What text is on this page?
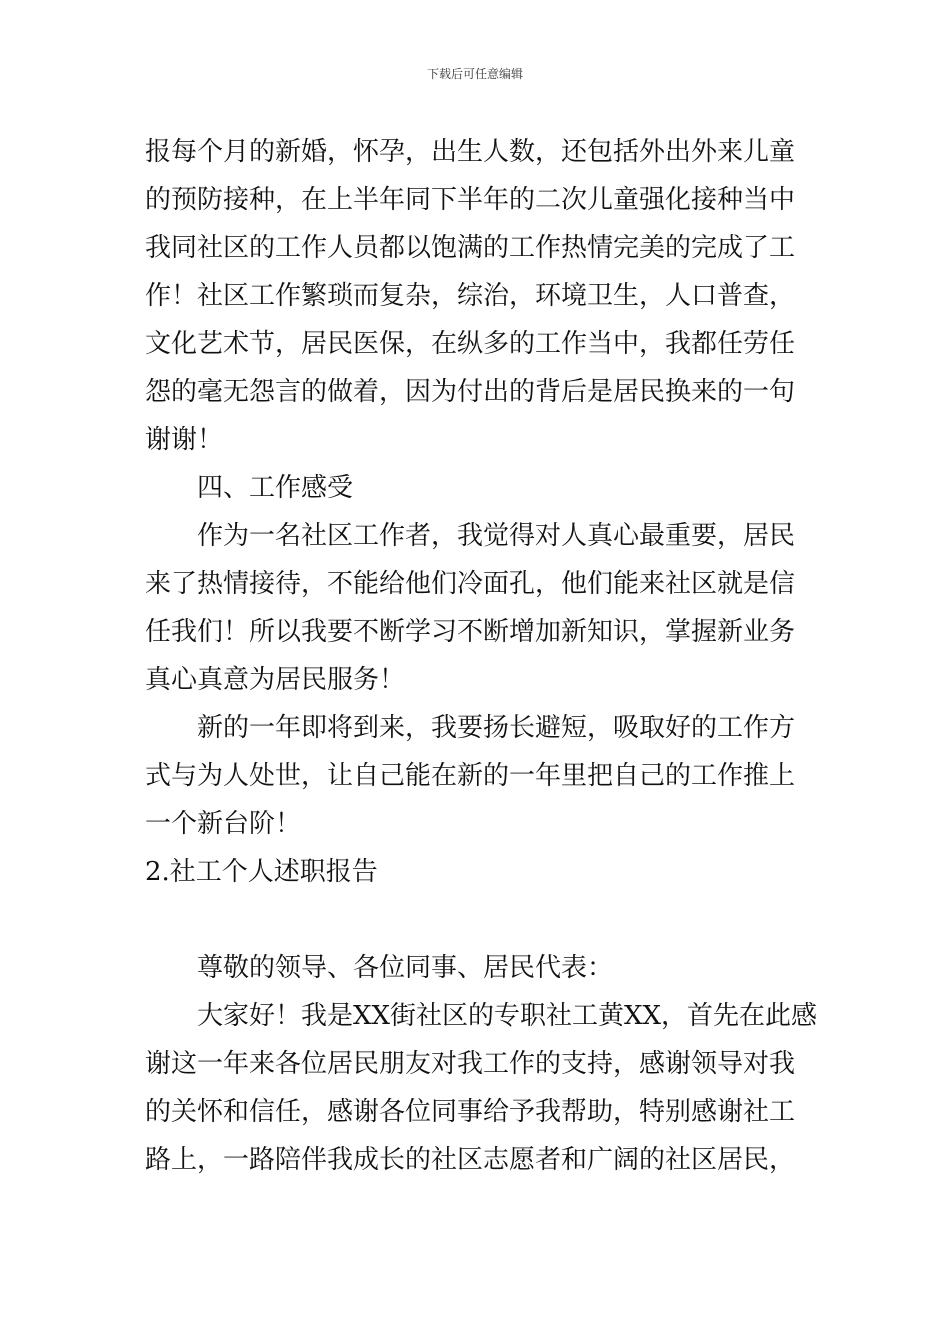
下载后可任意编辑
报每个月的新婚，怀孕，出生人数，还包括外出外来儿童
的预防接种，在上半年同下半年的二次儿童强化接种当中
我同社区的工作人员都以饱满的工作热情完美的完成了工
作！社区工作繁琐而复杂，综治，环境卫生，人口普查，
文化艺术节，居民医保，在纵多的工作当中，我都任劳任
怨的毫无怨言的做着，因为付出的背后是居民换来的一句
谢谢！
四、工作感受
作为一名社区工作者，我觉得对人真心最重要，居民
来了热情接待，不能给他们冷面孔，他们能来社区就是信
任我们！所以我要不断学习不断增加新知识，掌握新业务
真心真意为居民服务！
新的一年即将到来，我要扬长避短，吸取好的工作方
式与为人处世，让自己能在新的一年里把自己的工作推上
一个新台阶！
2.社工个人述职报告
尊敬的领导、各位同事、居民代表：
大家好！我是XX街社区的专职社工黄XX，首先在此感
谢这一年来各位居民朋友对我工作的支持，感谢领导对我
的关怀和信任，感谢各位同事给予我帮助，特别感谢社工
路上，一路陪伴我成长的社区志愿者和广阔的社区居民，
